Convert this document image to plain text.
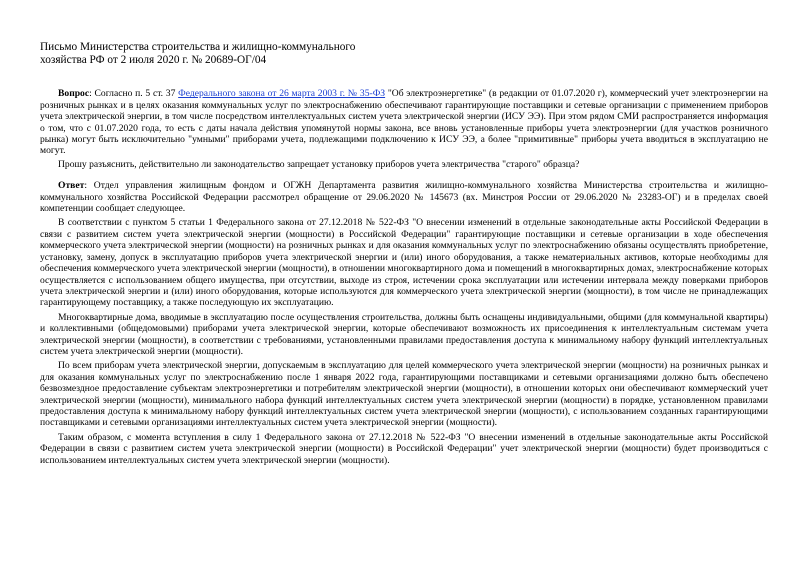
Письмо Министерства строительства и жилищно-коммунального
хозяйства РФ от 2 июля 2020 г. № 20689-ОГ/04

Вопрос: Согласно п. 5 ст. 37 Федерального закона от 26 марта 2003 г. № 35-ФЗ "Об электроэнергетике" (в редакции от 01.07.2020 г), коммерческий учет электроэнергии на розничных рынках и в целях оказания коммунальных услуг по электроснабжению обеспечивают гарантирующие поставщики и сетевые организации с применением приборов учета электрической энергии, в том числе посредством интеллектуальных систем учета электрической энергии (ИСУ ЭЭ). При этом рядом СМИ распространяется информация о том, что с 01.07.2020 года, то есть с даты начала действия упомянутой нормы закона, все вновь установленные приборы учета электроэнергии (для участков розничного рынка) могут быть исключительно "умными" приборами учета, подлежащими подключению к ИСУ ЭЭ, а более "примитивные" приборы учета вводиться в эксплуатацию не могут.

Прошу разъяснить, действительно ли законодательство запрещает установку приборов учета электричества "старого" образца?

Ответ: Отдел управления жилищным фондом и ОГЖН Департамента развития жилищно-коммунального хозяйства Министерства строительства и жилищно-коммунального хозяйства Российской Федерации рассмотрел обращение от 29.06.2020 № 145673 (вх. Минстроя России от 29.06.2020 № 23283-ОГ) и в пределах своей компетенции сообщает следующее.

В соответствии с пунктом 5 статьи 1 Федерального закона от 27.12.2018 № 522-ФЗ "О внесении изменений в отдельные законодательные акты Российской Федерации в связи с развитием систем учета электрической энергии (мощности) в Российской Федерации" гарантирующие поставщики и сетевые организации в ходе обеспечения коммерческого учета электрической энергии (мощности) на розничных рынках и для оказания коммунальных услуг по электроснабжению обязаны осуществлять приобретение, установку, замену, допуск в эксплуатацию приборов учета электрической энергии и (или) иного оборудования, а также нематериальных активов, которые необходимы для обеспечения коммерческого учета электрической энергии (мощности), в отношении многоквартирного дома и помещений в многоквартирных домах, электроснабжение которых осуществляется с использованием общего имущества, при отсутствии, выходе из строя, истечении срока эксплуатации или истечении интервала между поверками приборов учета электрической энергии и (или) иного оборудования, которые используются для коммерческого учета электрической энергии (мощности), в том числе не принадлежащих гарантирующему поставщику, а также последующую их эксплуатацию.

Многоквартирные дома, вводимые в эксплуатацию после осуществления строительства, должны быть оснащены индивидуальными, общими (для коммунальной квартиры) и коллективными (общедомовыми) приборами учета электрической энергии, которые обеспечивают возможность их присоединения к интеллектуальным системам учета электрической энергии (мощности), в соответствии с требованиями, установленными правилами предоставления доступа к минимальному набору функций интеллектуальных систем учета электрической энергии (мощности).

По всем приборам учета электрической энергии, допускаемым в эксплуатацию для целей коммерческого учета электрической энергии (мощности) на розничных рынках и для оказания коммунальных услуг по электроснабжению после 1 января 2022 года, гарантирующими поставщиками и сетевыми организациями должно быть обеспечено безвозмездное предоставление субъектам электроэнергетики и потребителям электрической энергии (мощности), в отношении которых они обеспечивают коммерческий учет электрической энергии (мощности), минимального набора функций интеллектуальных систем учета электрической энергии (мощности) в порядке, установленном правилами предоставления доступа к минимальному набору функций интеллектуальных систем учета электрической энергии (мощности), с использованием созданных гарантирующими поставщиками и сетевыми организациями интеллектуальных систем учета электрической энергии (мощности).

Таким образом, с момента вступления в силу 1 Федерального закона от 27.12.2018 № 522-ФЗ "О внесении изменений в отдельные законодательные акты Российской Федерации в связи с развитием систем учета электрической энергии (мощности) в Российской Федерации" учет электрической энергии (мощности) будет производиться с использованием интеллектуальных систем учета электрической энергии (мощности).
